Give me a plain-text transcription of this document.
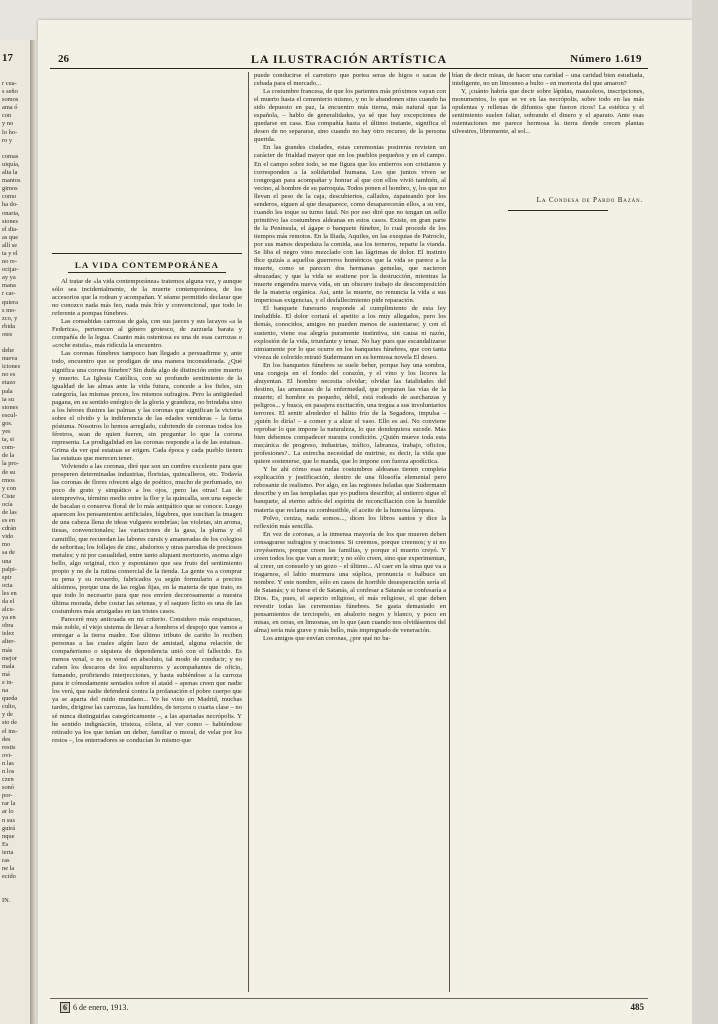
17
r cua-
s seño
somos
ama ó
con
y no
lo ho-
ro y

comas
uiquía,
alta la
mantos
gimos
como
ha do-
onaria,
siones
el dia-
as que
allí se
ta y el
no re-
ocijar-
ay ya
mana
r car-
quiera
s mo-
zco, y
rbida
otes

dehe
nueva
iciones
no es
etazo
pala
ia su
siones
escul-
gos.
yes
ta, si
com-
de la
la pro-
de su
rmos
y con
Ciste
ocía
de las
es en
cdrán
vido
mo
sa de
una
palpi-
spir
octa
les en
da el
alcu-
ya en
obra
ielez
alter-
más
mejor
mala
má
e in-
na
queda
culto,
y de
sto de
el ins-
des
restis
ovi-
n las
n los
czen
sonó
por-
rar la
ar lo
n sus
guirá
nque
Es
ierta
ras
ne la
ecido

IN.
26	LA ILUSTRACIÓN ARTÍSTICA	Número 1.619
LA VIDA CONTEMPORÁNEA

Al tratar de «la vida contemporánea» tratemos alguna vez, y aunque sólo sea incidentalmente, de la muerte contemporánea, de los accesorios que la rodean y acompañan. Y séame permitido declarar que no conozco nada más feo, nada más frío y convencional, que todo lo referente a pompas fúnebres.

Las consabidas carrozas de gala, con sus jaeces y sus lacayos «a la Federica», pertenecen al género grotesco, de zarzuela barata y compañía de la legua. Cuanto más ostentosa es una de esas carrozas o «coche estufa», más ridícula la encuentro.

Las coronas fúnebres tampoco han llegado a persuadirme y, ante todo, encuentro que se prodigan de una manera inconsiderada. ¿Qué significa una corona fúnebre? Sin duda algo de distinción entre muerto y muerto. La Iglesia Católica, con su profundo sentimiento de la igualdad de las almas ante la vida futura, concede a los fieles, sin categoría, las mismas preces, los mismos sufragios. Pero la antigüedad pagana, en su sentido enérgico de la gloria y grandeza, no brindaba sino a los héroes ilustres las palmas y las coronas que significan la victoria sobre el olvido y la indiferencia de las edades venideras – la fama póstuma. Nosotros lo hemos arreglado, cubriendo de coronas todos los féretros, sean de quien fueren, sin preguntar lo que la corona representa. La prodigalidad en las coronas responde a la de las estatuas. Grima da ver qué estatuas se erigen. Cada época y cada pueblo tienen las estatuas que merecen tener.

Volviendo a las coronas, diré que son un cumbre excelente para que prosperen determinadas industrias, floristas, quincalleros, etc. Todavía las coronas de flores ofrecen algo de poético, mucho de perfumado, no poco de grato y simpático a los ojos, ¡pero las otras! Las de siempreviva, término medio entre la flor y la quincalla, son una especie de bacalao o conserva floral de lo más antipático que se conoce. Luego aparecen los pensamientos artificiales, lúgubres, que suscitan la imagen de una cabeza llena de ideas vulgares sombrías; las violetas, sin aroma, tiesas, convencionales; las variaciones de la gasa, la pluma y el canutillo, que recuerdan las labores cursis y amaneradas de los colegios de señoritas; los follajes de zinc, abalorios y otras parodias de preciosos metales; y ni por casualidad, entre tanto aliquant mortuorio, asoma algo bello, algo original, rico y espontáneo que sea fruto del sentimiento propio y no de la rutina comercial de la tienda. La gente va a comprar su pena y su recuerdo, fabricados ya según formulario a precios altísimos, porque una de las reglas fijas, en la materia de que trato, es que todo lo necesario para que nos envíen decorosamente a nuestra última morada, debe costar las setenas, y el saqueo lícito es una de las costumbres más arraigadas en tan tristes casos.

Pareceré muy anticuada en mi criterio. Considero más respetuoso, más noble, el viejo sistema de llevar a hombros el despojo que vamos a entregar a la tierra madre. Ese último tributo de cariño lo reciben personas a las cuales algún lazo de amistad, alguna relación de compañerismo o siquiera de dependencia unió con el fallecido. Es menos venal, o no es venal en absoluto, tal modo de conducir; y no caben los descaros de los sepultureros y acompañantes de oficio, fumando, profiriendo interjecciones, y hasta subiéndose a la carroza para ir cómodamente sentados sobre el ataúd – apenas creen que nadie los verá, que nadie defenderá contra la profanación el pobre cuerpo que ya se aparta del ruido mundano... Yo he visto en Madrid, muchas tardes, dirigirse las carrozas, las humildes, de tercera o cuarta clase – no sé nunca distinguirlas categóricamente –, a las apartadas necrópolis. Y he sentido indignación, tristeza, cólera, al ver como – habiéndose retirado ya los que tenían un deber, familiar o moral, de velar por los restos –, los enterradores se conducían lo mismo que

puede conducirse el carretero que portea seras de higos o sacas de cebada para el mercado...

La costumbre francesa, de que los parientes más próximos vayan con el muerto hasta el cementerio mismo, y no le abandonen sino cuando ha sido depuesto en paz, la encuentro más tierna, más natural que la española, – hablo de generalidades, ya sé que hay excepciones de quedarse en casa. Esa compañía hasta el último instante, significa el deseo de no separarse, sino cuando no hay otro recurso, de la persona querida.

En las grandes ciudades, estas ceremonias postreras revisten un carácter de frialdad mayor que en los pueblos pequeños y en el campo. En el campo sobre todo, se me figura que los entierros son cristianos y corresponden a la solidaridad humana. Los que juntos viven se congregan para acompañar y honrar al que con ellos vivió también, al vecino, al hombre de su parroquia. Todos ponen el hombro, y, los que no llevan el peso de la caja, descubiertos, callados, zapateando por los senderos, siguen al que desaparece, como desaparecerán ellos, a su vez, cuando les toque su turno fatal. No por eso diré que no tengan un sello primitivo las costumbres aldeanas en estos casos. Existe, en gran parte de la Península, el ágape o banquete fúnebre, lo cual procede de los tiempos más remotos. En la Iliada, Aquiles, en las exequias de Patroclo, por sus manos despedaza la comida, asa los terneros, reparte la vianda. Se liba el negro vino mezclado con las lágrimas de dolor. El instinto dice quizás a aquellos guerreros homéricos que la vida se parece a la muerte, como se parecen dos hermanas gemelas, que nacieron abrazadas; y que la vida se sostiene por la destrucción, mientras la muerte engendra nueva vida, en un obscuro trabajo de descomposición de la materia orgánica. Así, ante la muerte, no renuncia la vida a sus imperiosas exigencias, y el desfallecimiento pide reparación.

El banquete funerario responde al cumplimiento de esta ley ineludible. El dolor cortará el apetito a los muy allegados, pero los demás, conocidos, amigos no pueden menos de sustentarse; y con el sustento, viene esa alegría puramente instintiva, sin causa ni razón, explosión de la vida, triunfante y tenaz. No hay pues que escandalizarse nimiamente por lo que ocurre en los banquetes fúnebres, que con tanta viveza de colorido retrató Sudermann en su hermosa novela El deseo.

En los banquetes fúnebres se suele beber, porque hay una sombra, una congoja en el fondo del corazón, y el vino y los licores la ahuyentan. El hombre necesita olvidar; olvidar las fatalidades del destino, las amenazas de la enfermedad, que preparan las vías de la muerte; el hombre es pequeño, débil, está rodeado de asechanzas y peligros... y busca, en pasajera excitación, una tregua a sus involuntarios terrores. El sentir alrededor el hálito frío de la Segadora, impulsa – ¡quién lo diría! – a comer y a alzar el vaso. Ello es así. No conviene reprobar lo que impone la naturaleza, lo que dondequiera sucede. Más bien debemos compadecer nuestra condición. ¿Quién mueve toda esta mecánica de progreso, industrias, tráfico, labranza, trabajo, oficios, profesiones?.. La estrecha necesidad de nutrirse, es decir, la vida que quiere sostenerse, que lo manda, que lo impone con fuerza apodíctica.

Y he ahí cómo esas rudas costumbres aldeanas tienen completa explicación y justificación, dentro de una filosofía elemental pero rebosante de realismo. Por algo, en las regiones heladas que Sudermann describe y en las templadas que yo pudiera describir, al entierro sigue el banquete, al eterno adiós del espíritu de reconciliación con la humilde materia que reclama su combustible, el aceite de la humosa lámpara.

Polvo, ceniza, nada somos..., dicen los libros santos y dice la reflexión más sencilla.

En vez de coronas, a la inmensa mayoría de los que mueren deben consagrarse sufragios y oraciones. Si creemos, porque creemos; y si no creyésemos, porque creen las familias, y porque el muerto creyó. Y creen todos los que van a morir; y no sólo creen, sino que experimentan, al creer, un consuelo y un gozo – el último... Al caer en la sima que va a tragarnos, el labio murmura una súplica, pronuncia o balbuce un nombre. Y este nombre, sólo en casos de horrible desesperación sería el de Satanás; y si fuese el de Satanás, al confesar a Satanás se confesaría a Dios. Es, pues, el aspecto religioso, el más religioso, el que deben revestir todas las ceremonias fúnebres. Se gasta demasiado en pensamientos de terciopelo, en abalorio negro y blanco, y poco en misas, en ceras, en limosnas, en lo que (aun cuando nos olvidásemos del alma) sería más grave y más bello, más impregnado de veneración.

Los amigos que envían coronas, ¿por qué no ba-

bían de decir misas, de hacer una caridad – una caridad bien estudiada, inteligente, no un limosneo a bulto – en memoria del que amaron?

Y, ¡cuánto habría que decir sobre lápidas, mausoleos, inscripciones, monumentos, lo que se ve en las necrópolis, sobre todo en las más opulentas y rellenas de difuntos que fueron ricos! La estética y el sentimiento suelen faltar, sobrando el dinero y el aparato. Ante esas ostentaciones me parece hermosa la tierra donde crecen plantas silvestres, libremente, al sol...

La Condesa de Pardo Bazán.
6 6 de enero, 1913.	485
